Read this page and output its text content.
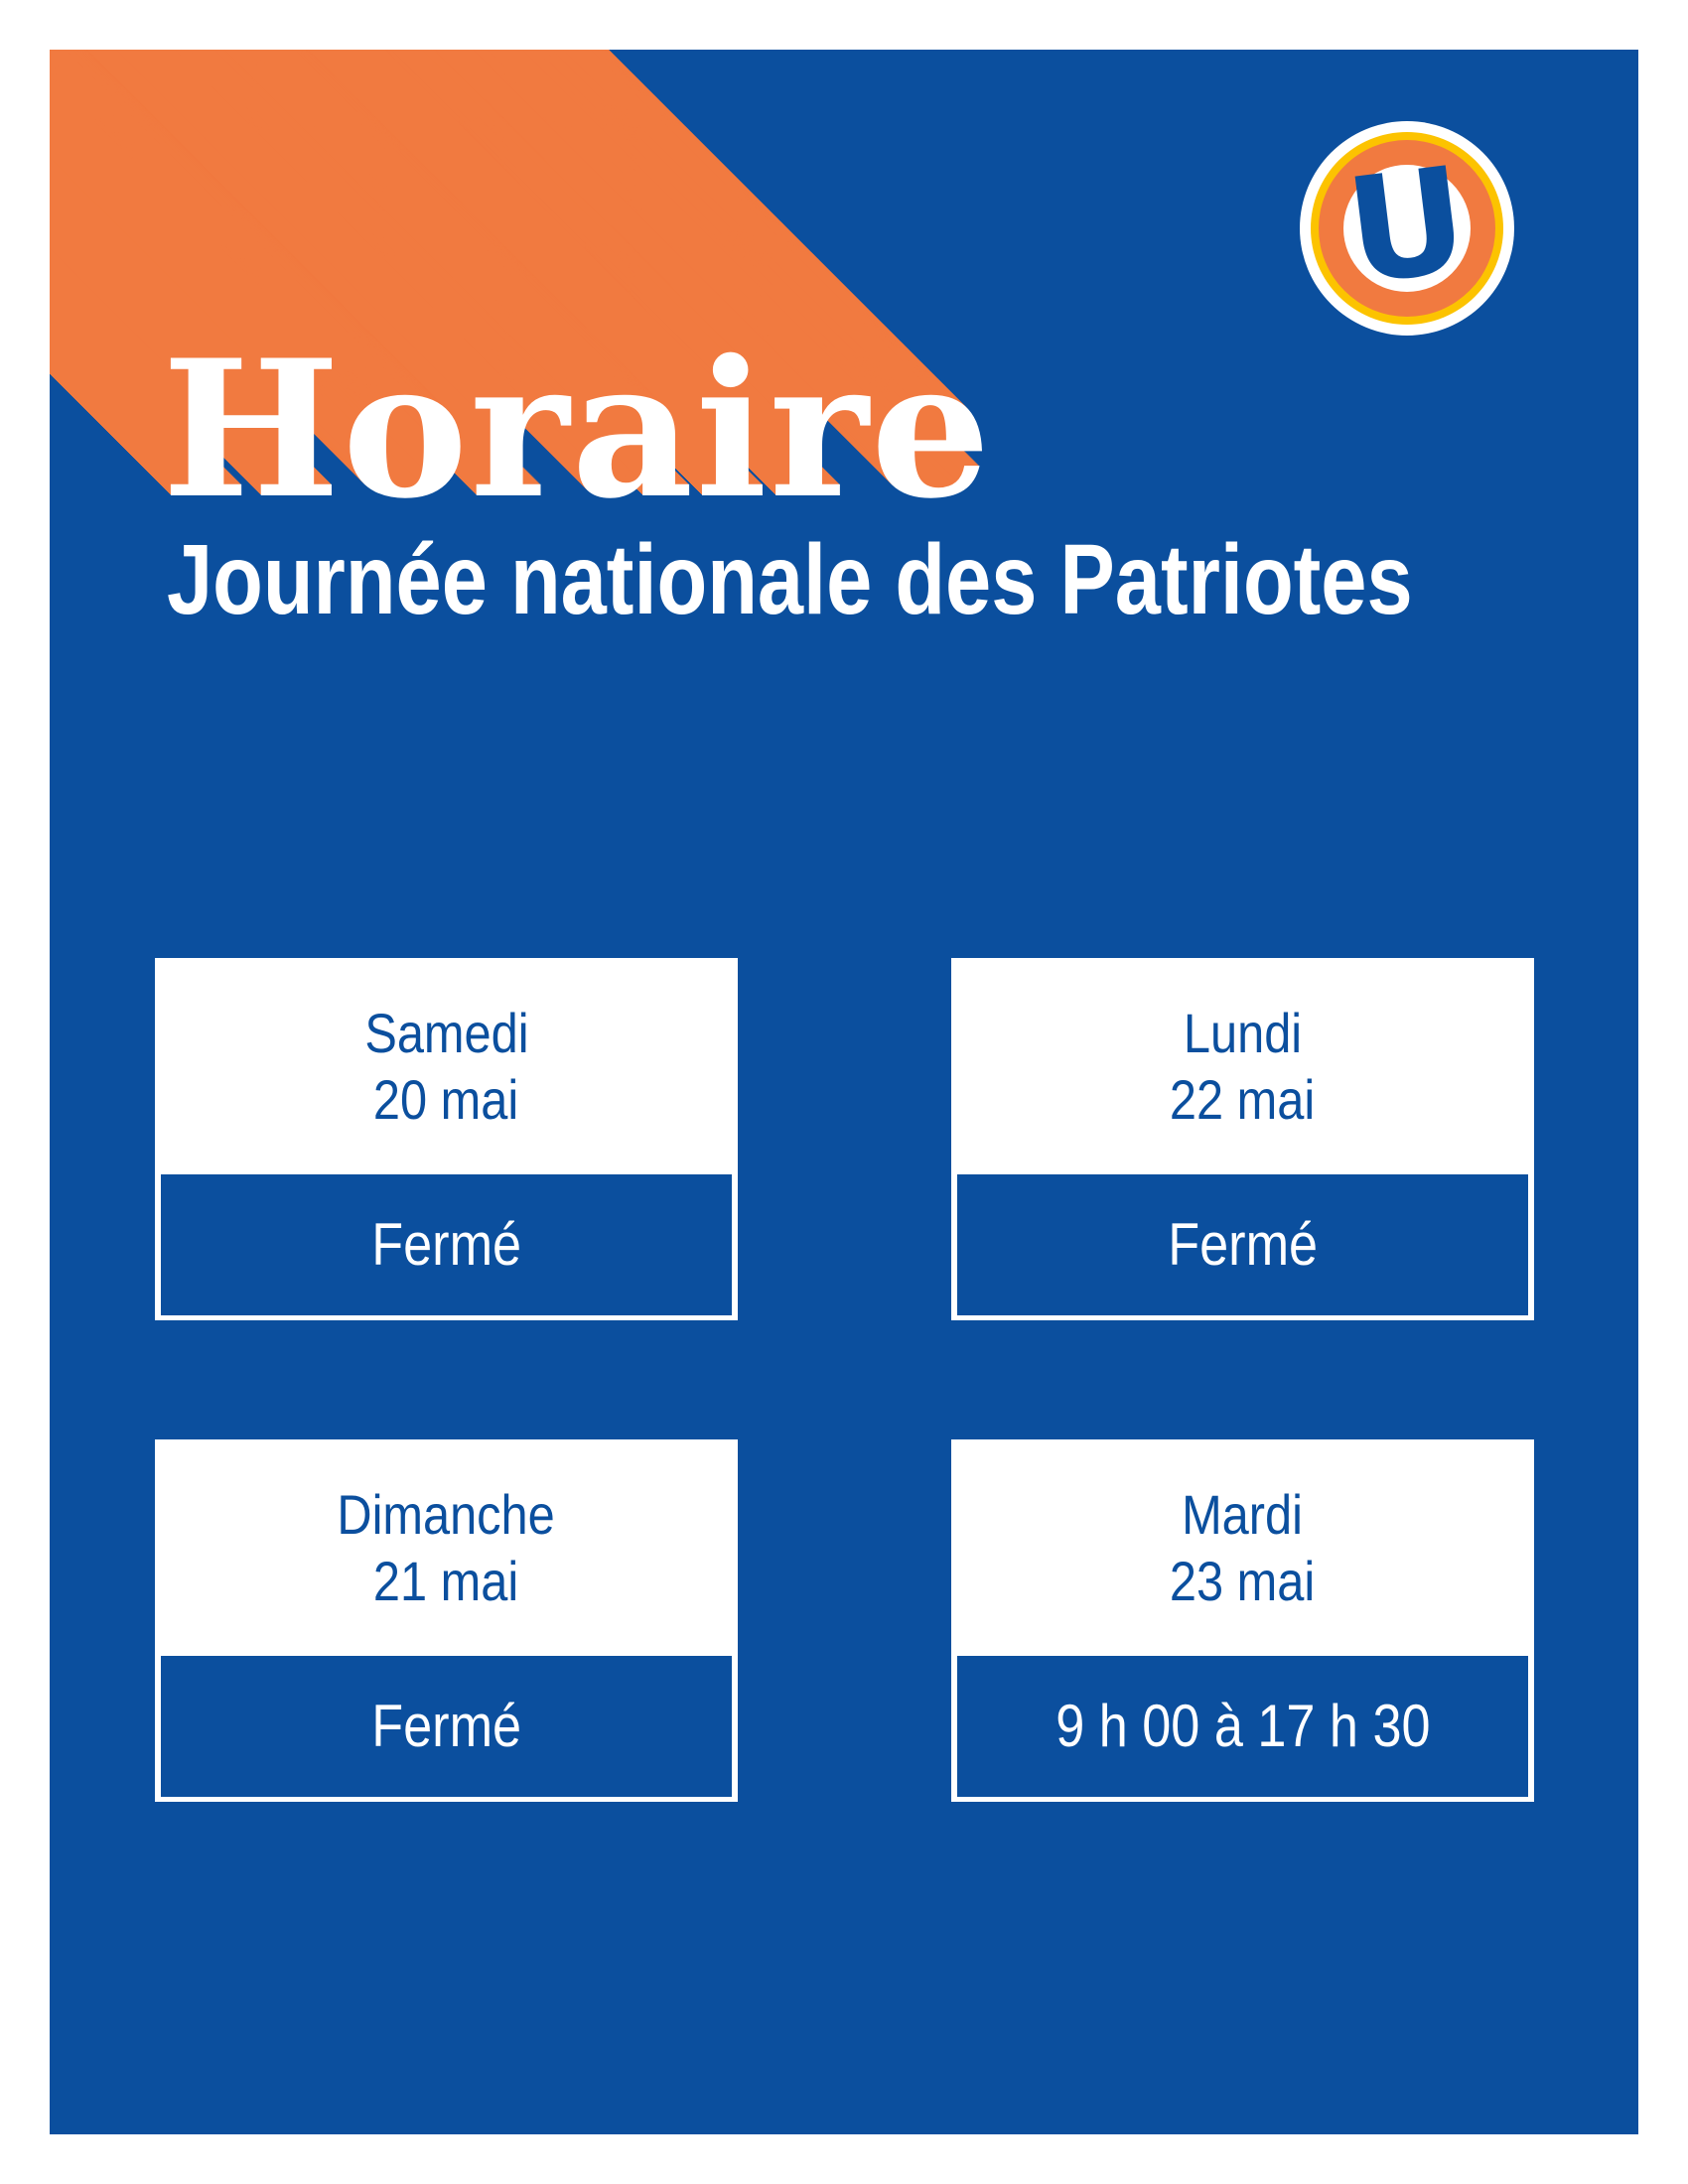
Horaire
Journée nationale des Patriotes
U
Samedi
20 mai
Fermé
Lundi
22 mai
Fermé
Dimanche
21 mai
Fermé
Mardi
23 mai
9 h 00 à 17 h 30
